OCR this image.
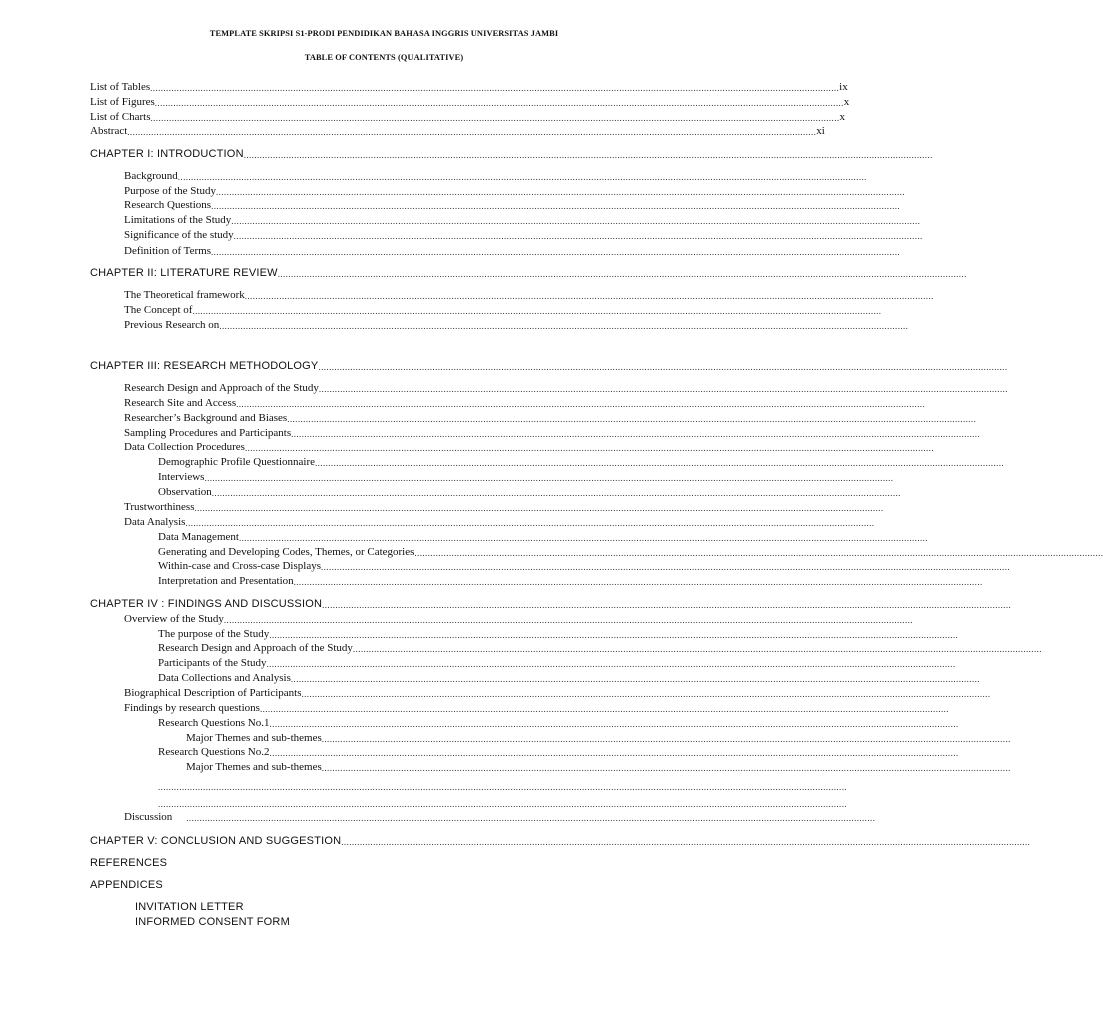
TEMPLATE SKRIPSI S1-PRODI PENDIDIKAN BAHASA INGGRIS UNIVERSITAS JAMBI
TABLE OF CONTENTS (QUALITATIVE)
List of Tables .................................................................................................................................................................................................................................................................... ix
List of Figures .................................................................................................................................................................................................................................................................... x
List of Charts .................................................................................................................................................................................................................................................................... x
Abstract .................................................................................................................................................................................................................................................................... xi
CHAPTER I: INTRODUCTION ....................................................................................................................................................................................................................................................................
Background ....................................................................................................................................................................................................................................................................
Purpose of the Study ....................................................................................................................................................................................................................................................................
Research Questions ....................................................................................................................................................................................................................................................................
Limitations of the Study ....................................................................................................................................................................................................................................................................
Significance of the study ....................................................................................................................................................................................................................................................................
Definition of Terms ....................................................................................................................................................................................................................................................................
CHAPTER II: LITERATURE REVIEW ....................................................................................................................................................................................................................................................................
The Theoretical framework ....................................................................................................................................................................................................................................................................
The Concept of ....................................................................................................................................................................................................................................................................
Previous Research on ....................................................................................................................................................................................................................................................................
CHAPTER III: RESEARCH METHODOLOGY ....................................................................................................................................................................................................................................................................
Research Design and Approach of the Study ....................................................................................................................................................................................................................................................................
Research Site and Access ....................................................................................................................................................................................................................................................................
Researcher’s Background and Biases ....................................................................................................................................................................................................................................................................
Sampling Procedures and Participants ....................................................................................................................................................................................................................................................................
Data Collection Procedures ....................................................................................................................................................................................................................................................................
Demographic Profile Questionnaire ....................................................................................................................................................................................................................................................................
Interviews ....................................................................................................................................................................................................................................................................
Observation ....................................................................................................................................................................................................................................................................
Trustworthiness ....................................................................................................................................................................................................................................................................
Data Analysis ....................................................................................................................................................................................................................................................................
Data Management ....................................................................................................................................................................................................................................................................
Generating and Developing Codes, Themes, or Categories ....................................................................................................................................................................................................................................................................
Within-case and Cross-case Displays ....................................................................................................................................................................................................................................................................
Interpretation and Presentation ....................................................................................................................................................................................................................................................................
CHAPTER IV : FINDINGS AND DISCUSSION ....................................................................................................................................................................................................................................................................
Overview of the Study ....................................................................................................................................................................................................................................................................
The purpose of the Study ....................................................................................................................................................................................................................................................................
Research Design and Approach of the Study ....................................................................................................................................................................................................................................................................
Participants of the Study ....................................................................................................................................................................................................................................................................
Data Collections and Analysis ....................................................................................................................................................................................................................................................................
Biographical Description of Participants ....................................................................................................................................................................................................................................................................
Findings by research questions ....................................................................................................................................................................................................................................................................
Research Questions No.1 ....................................................................................................................................................................................................................................................................
Major Themes and sub-themes ....................................................................................................................................................................................................................................................................
Research Questions No.2 ....................................................................................................................................................................................................................................................................
Major Themes and sub-themes ....................................................................................................................................................................................................................................................................
....................................................................................................................................................................................................................................................................
....................................................................................................................................................................................................................................................................
Discussion ....................................................................................................................................................................................................................................................................
CHAPTER V: CONCLUSION AND SUGGESTION ....................................................................................................................................................................................................................................................................
REFERENCES
APPENDICES
INVITATION LETTER
INFORMED CONSENT FORM
